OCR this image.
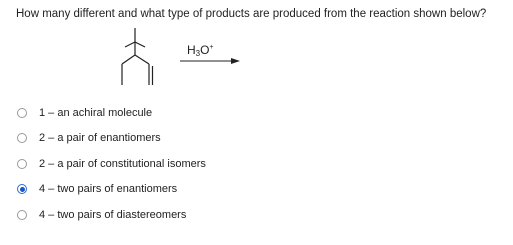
How many different and what type of products are produced from the reaction shown below?
$H_3O^+$
1 – an achiral molecule
2 – a pair of enantiomers
2 – a pair of constitutional isomers
4 – two pairs of enantiomers
4 – two pairs of diastereomers
